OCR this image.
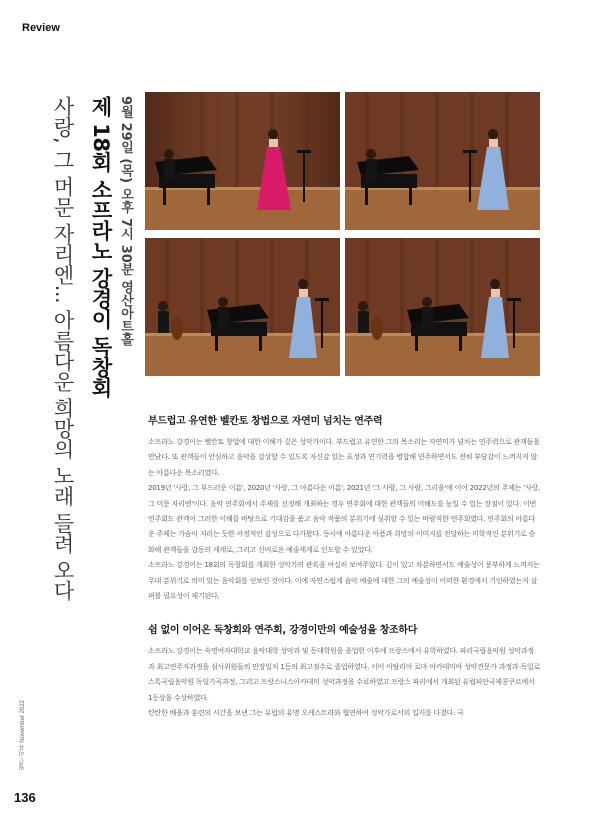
Review
사랑, 그 머문 자리엔... 아름다운 희망의 노래 들려 오다 제 18회 소프라노 강경이 독창회 9월 29일 (목) 오후 7시 30분 영산아트홀
부드럽고 유연한 벨칸토 창법으로 자연미 넘치는 연주력

소프라노 강경이는 벨칸토 창법에 대한 이해가 깊은 성악가이다. 부드럽고 유연한 그의 목소리는 자연미가 넘치는 연주력으로 관객들을 만났다. 또 관객들이 안심하고 음악을 감상할 수 있도록 자신감 있는 표정과 연기력을 병합해 연주하면서도 전혀 부담감이 느껴지지 않는 아름다운 목소리였다.

2019년 '사랑, 그 부드러운 이름', 2020년 '사랑, 그 아름다운 이름', 2021년 '그 사람, 그 사람, 그리움'에 이어 2022년의 주제는 '사랑, 그 머문 자리엔'이다. 음악 연주회에서 주제를 선정해 개최하는 경우 연주회에 대한 관객들의 이해도를 높일 수 있는 장점이 있다. 이번 연주회도 관객이 그러한 이해를 바탕으로 기대감을 품고 음악 작품의 분위기에 심취할 수 있는 바람직한 연주회였다. 연주회의 아름다운 주제는 가슴이 저리는 듯한 서정적인 감성으로 다가왔다. 동시에 아름다운 아픔과 희망의 이미지를 전달하는 미학적인 분위기로 승화해 관객들을 감동의 세계로, 그리고 신비로운 예술세계로 인도할 수 있었다.

소프라노 강경이는 18회의 독창회를 개최한 성악가의 관록을 여실히 보여주었다. 깊이 있고 차분하면서도 예술성이 풍부하게 느껴지는 무대 분위기로 의미 있는 음악회를 선보인 것이다. 이에 자연스럽게 음악 예술에 대한 그의 예술성이 어떠한 환경에서 기인하였는지 살펴볼 필요성이 제기된다.

쉼 없이 이어온 독창회와 연주회, 강경이만의 예술성을 창조하다

소프라노 강경이는 숙명여자대학교 음악대학 성악과 및 동대학원을 졸업한 이후에 프랑스에서 유학하였다. 파리국립음악원 성악과정과 최고연주자과정을 심사위원들의 만장일치 1등의 최고점수로 졸업하였다. 이어 이탈리아 로마 아카데미아 성악전문가 과정과 독일로스톡국립음악원 독일가곡과정, 그리고 프랑스니스아카데미 성악과정을 수료하였고 프랑스 파리에서 개최된 유럽피안국제콩쿠르에서 1등상을 수상하였다.

탄탄한 배움과 훈련의 시간을 보낸 그는 유럽의 유명 오케스트라와 협연하여 성악가로서의 입지를 다졌다. 국

월간 리뷰 November 2022
136
